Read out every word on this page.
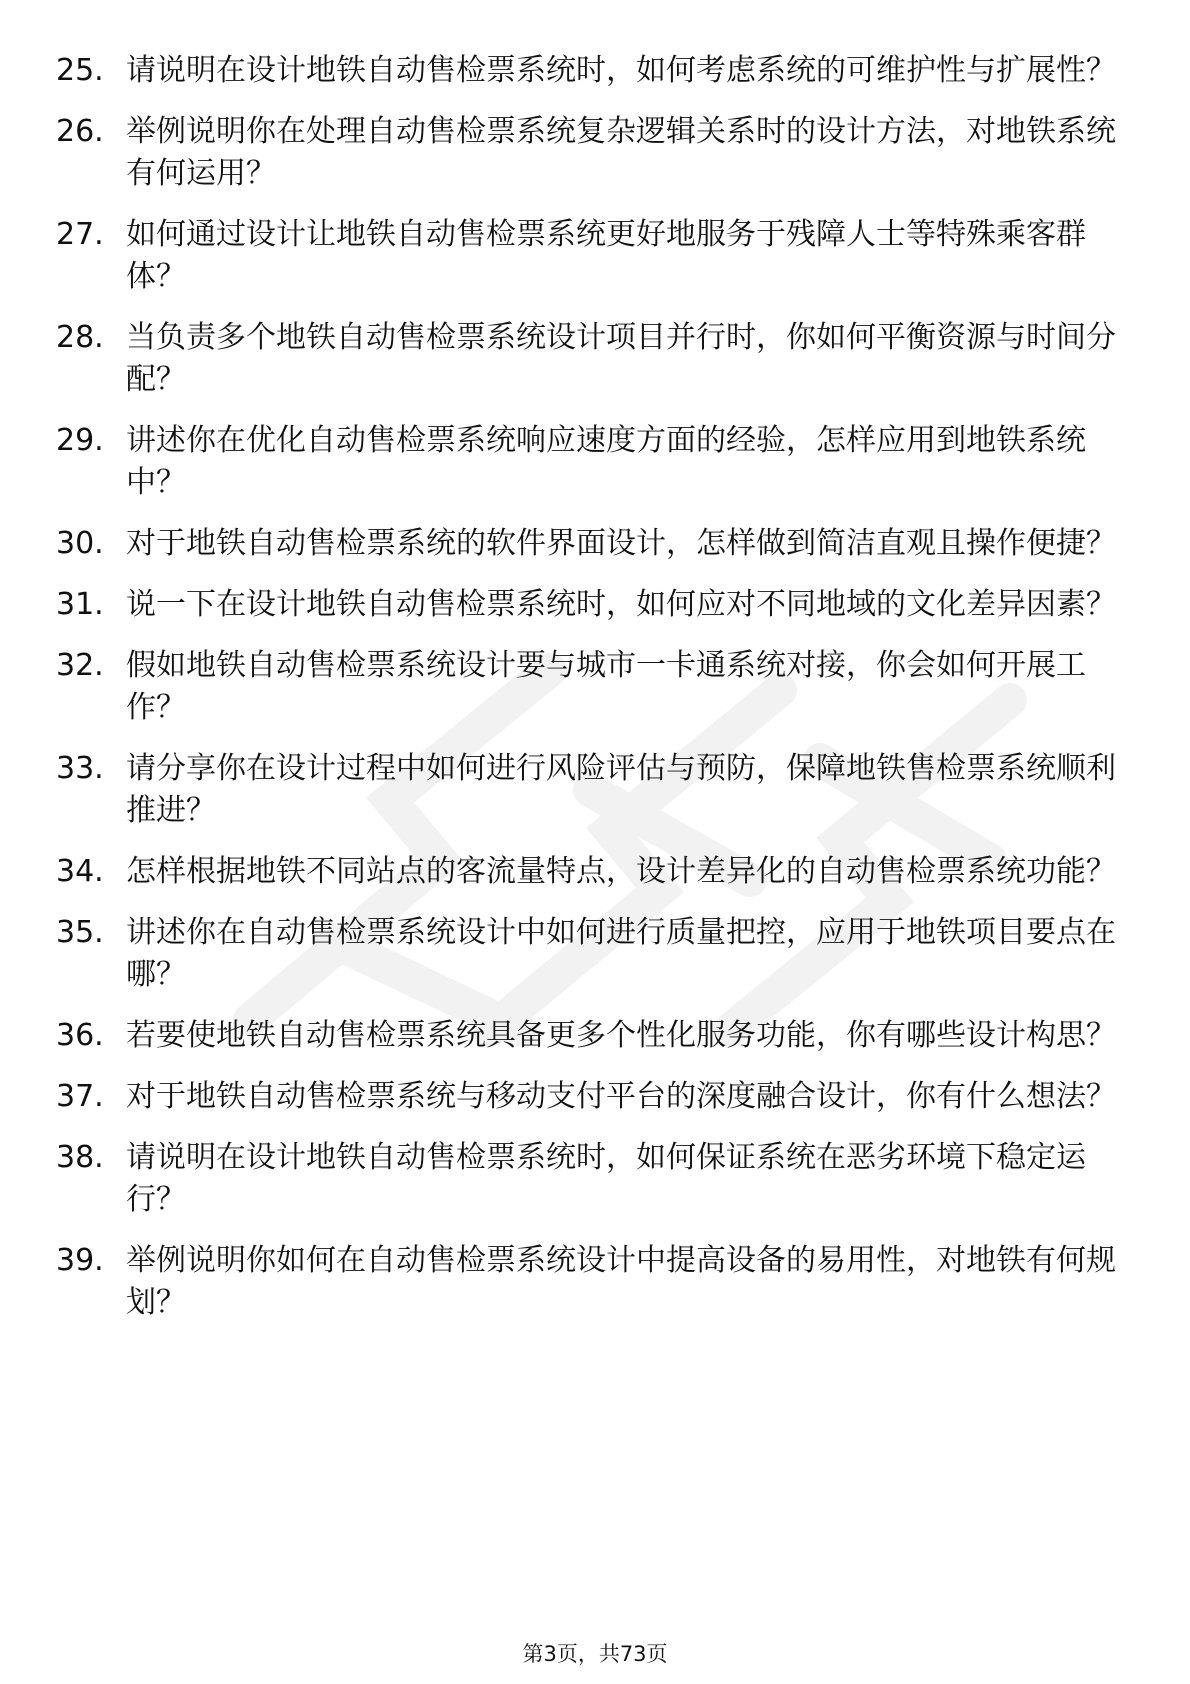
25. 请说明在设计地铁自动售检票系统时，如何考虑系统的可维护性与扩展性？
26. 举例说明你在处理自动售检票系统复杂逻辑关系时的设计方法，对地铁系统有何运用？
27. 如何通过设计让地铁自动售检票系统更好地服务于残障人士等特殊乘客群体？
28. 当负责多个地铁自动售检票系统设计项目并行时，你如何平衡资源与时间分配？
29. 讲述你在优化自动售检票系统响应速度方面的经验，怎样应用到地铁系统中？
30. 对于地铁自动售检票系统的软件界面设计，怎样做到简洁直观且操作便捷？
31. 说一下在设计地铁自动售检票系统时，如何应对不同地域的文化差异因素？
32. 假如地铁自动售检票系统设计要与城市一卡通系统对接，你会如何开展工作？
33. 请分享你在设计过程中如何进行风险评估与预防，保障地铁售检票系统顺利推进？
34. 怎样根据地铁不同站点的客流量特点，设计差异化的自动售检票系统功能？
35. 讲述你在自动售检票系统设计中如何进行质量把控，应用于地铁项目要点在哪？
36. 若要使地铁自动售检票系统具备更多个性化服务功能，你有哪些设计构思？
37. 对于地铁自动售检票系统与移动支付平台的深度融合设计，你有什么想法？
38. 请说明在设计地铁自动售检票系统时，如何保证系统在恶劣环境下稳定运行？
39. 举例说明你如何在自动售检票系统设计中提高设备的易用性，对地铁有何规划？
第3页，共73页
